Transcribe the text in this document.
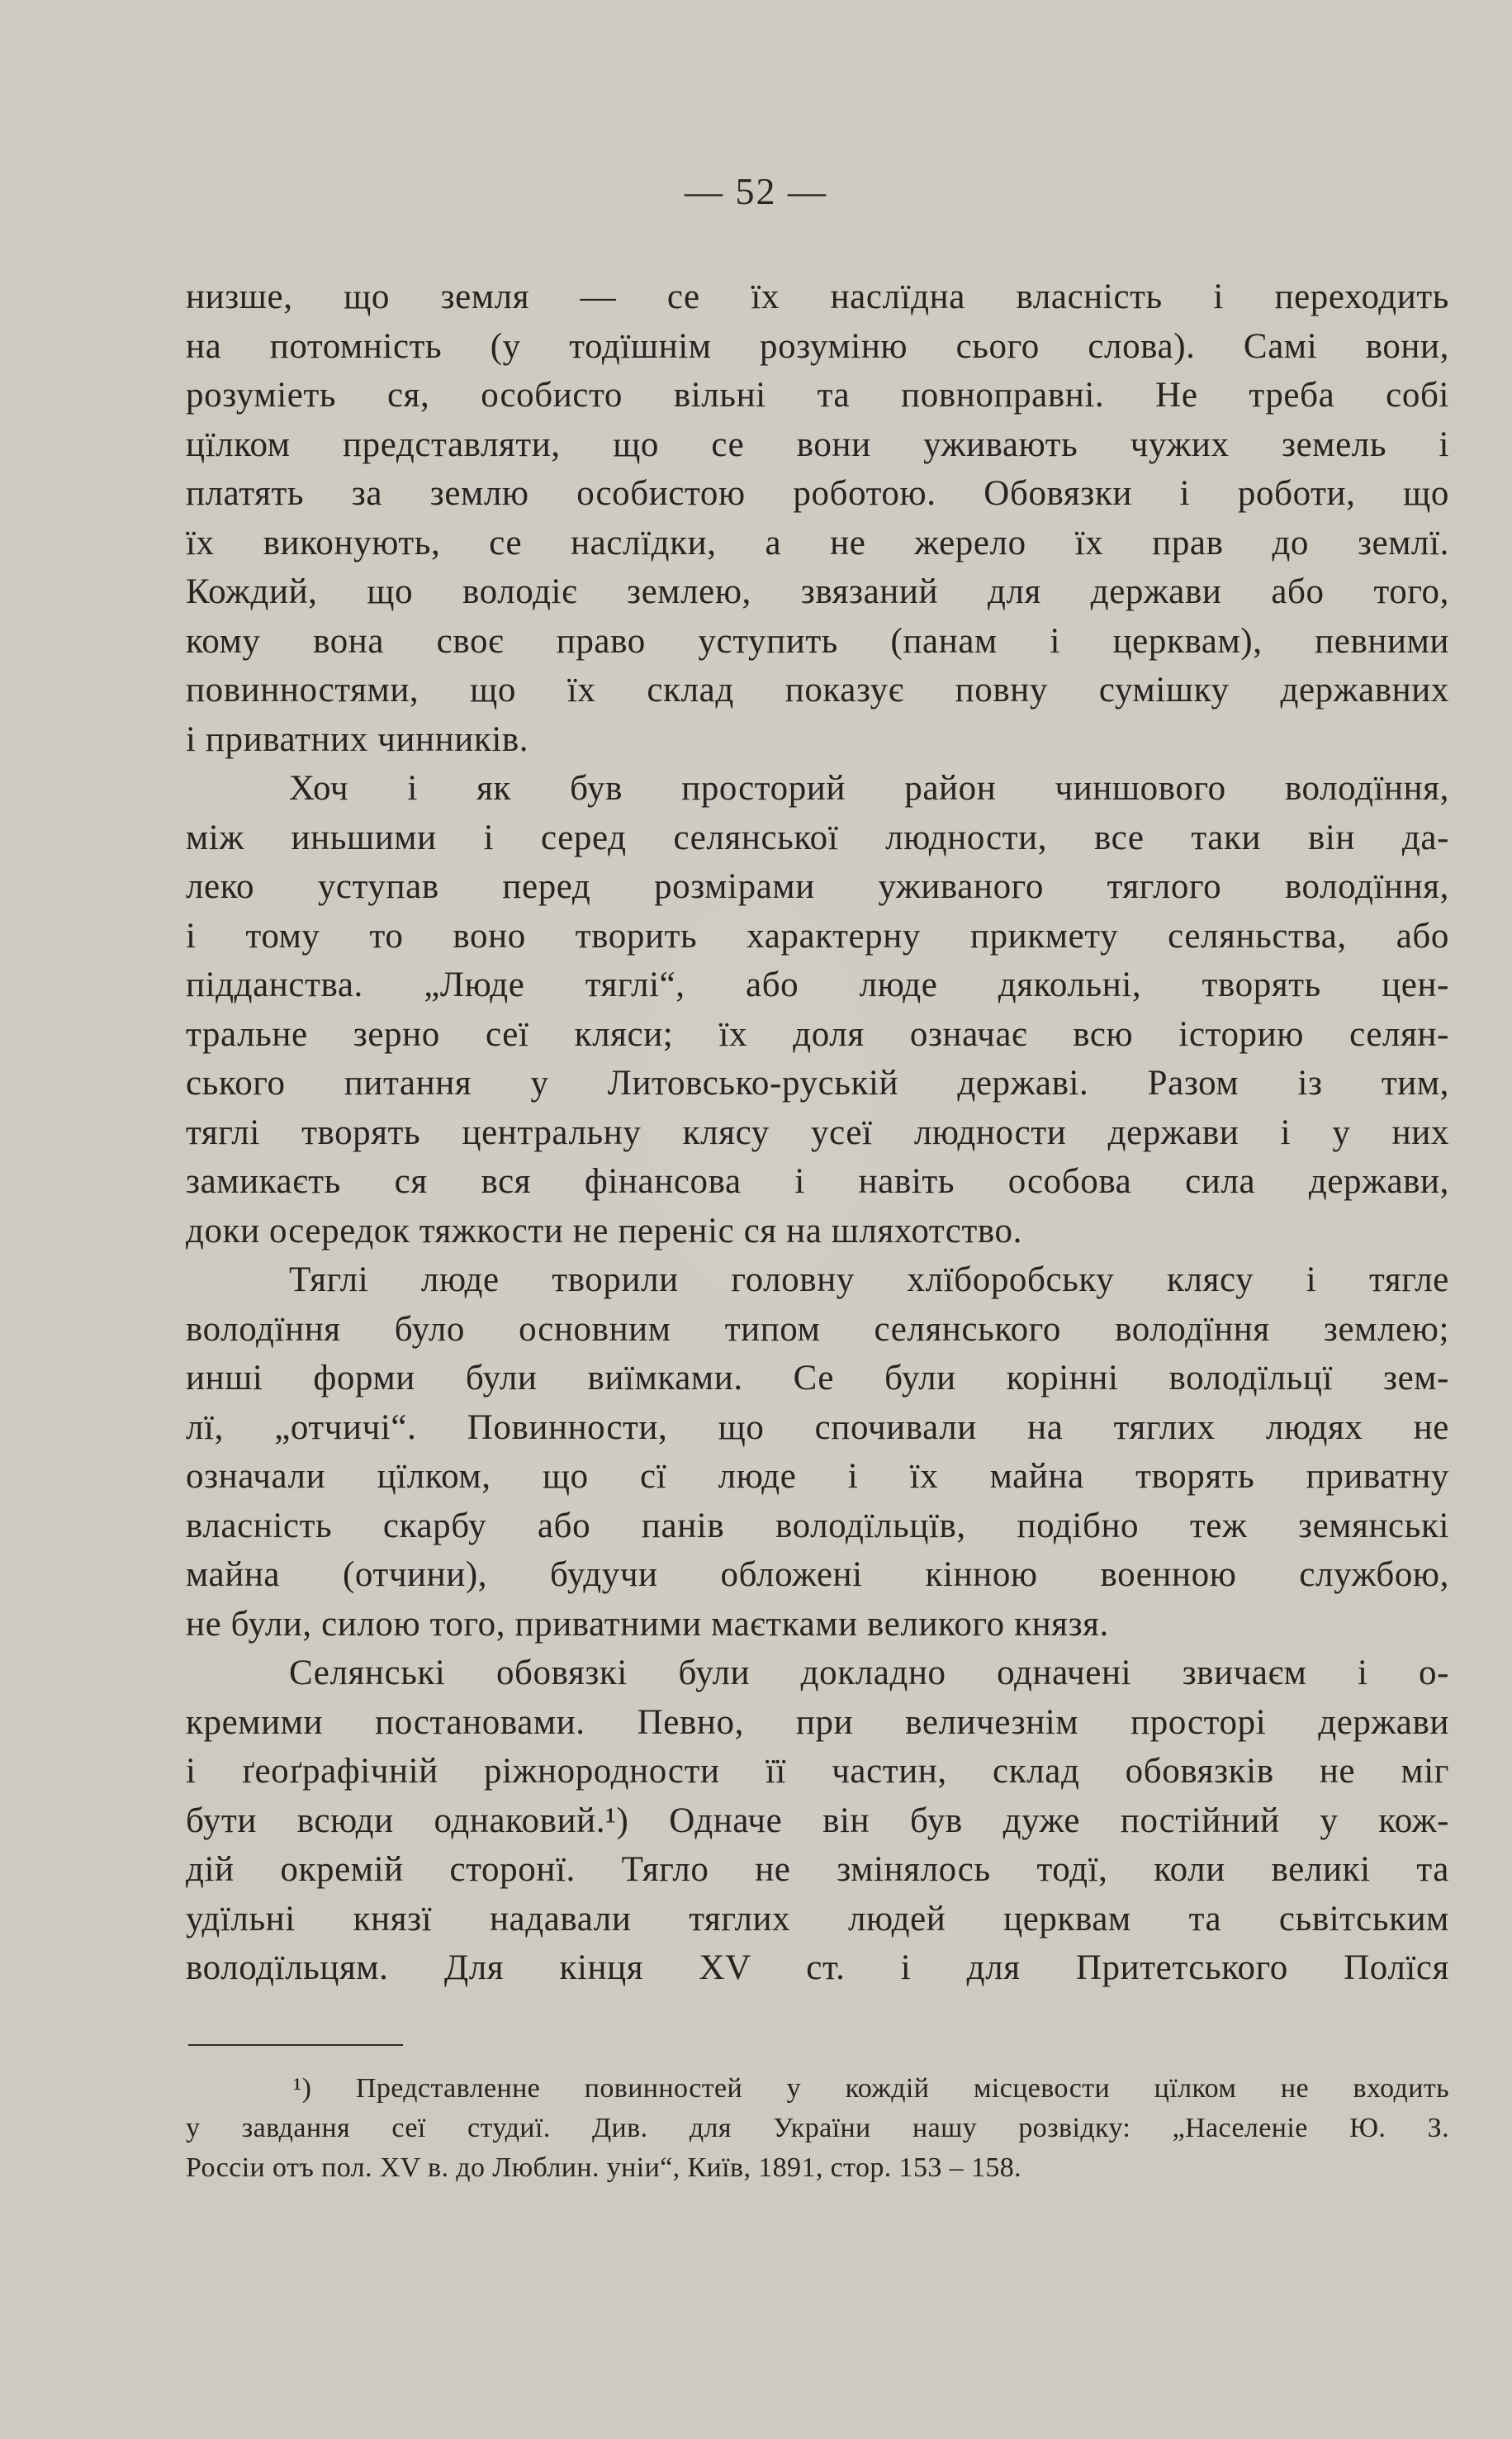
— 52 —
низше, що земля — се їх наслїдна власність і переходить
на потомність (у тодїшнім розуміню сього слова). Самі вони,
розуміеть ся, особисто вільні та повноправні. Не треба собі
цїлком представляти, що се вони уживають чужих земель і
платять за землю особистою роботою. Обовязки і роботи, що
їх виконують, се наслїдки, а не жерело їх прав до землї.
Кождий, що володіє землею, звязаний для держави або того,
кому вона своє право уступить (панам і церквам), певними
повинностями, що їх склад показує повну сумішку державних
і приватних чинників.
Хоч і як був просторий район чиншового володїння,
між иньшими і серед селянської людности, все таки він да-
леко уступав перед розмірами уживаного тяглого володїння,
і тому то воно творить характерну прикмету селяньства, або
підданства. „Люде тяглі“, або люде дякольні, творять цен-
тральне зерно сеї кляси; їх доля означає всю історию селян-
ського питання у Литовсько-руській державі. Разом із тим,
тяглі творять центральну клясу усеї людности держави і у них
замикаєть ся вся фінансова і навіть особова сила держави,
доки осередок тяжкости не переніс ся на шляхотство.
Тяглі люде творили головну хлїборобську клясу і тягле
володїння було основним типом селянського володїння землею;
инші форми були виїмками. Се були корінні володїльцї зем-
лї, „отчичі“. Повинности, що спочивали на тяглих людях не
означали цїлком, що сї люде і їх майна творять приватну
власність скарбу або панів володїльцїв, подібно теж земянські
майна (отчини), будучи обложені кінною военною службою,
не були, силою того, приватними маєтками великого князя.
Селянські обовязкі були докладно одначені звичаєм і о-
кремими постановами. Певно, при величезнім просторі держави
і ґеоґрафічній ріжнородности її частин, склад обовязків не міг
бути всюди однаковий.¹) Одначе він був дуже постійний у кож-
дій окремій сторонї. Тягло не змінялось тодї, коли великі та
удїльні князї надавали тяглих людей церквам та сьвітським
володїльцям. Для кінця XV ст. і для Притетського Полїся
¹) Представленне повинностей у кождій місцевости цїлком не входить
у завдання сеї студиї. Див. для України нашу розвідку: „Населеніе Ю. З.
Россіи отъ пол. XV в. до Люблин. уніи“, Київ, 1891, стор. 153 – 158.
